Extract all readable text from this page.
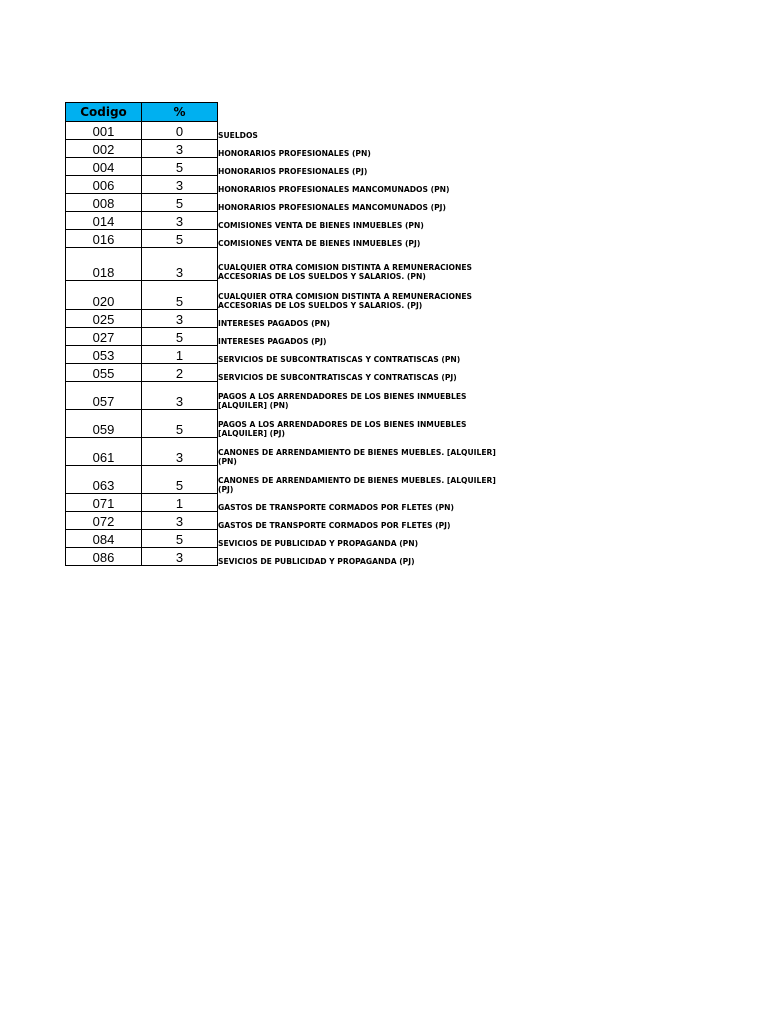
Codigo	%	
001	0	SUELDOS
002	3	HONORARIOS PROFESIONALES (PN)
004	5	HONORARIOS PROFESIONALES (PJ)
006	3	HONORARIOS PROFESIONALES MANCOMUNADOS (PN)
008	5	HONORARIOS PROFESIONALES MANCOMUNADOS (PJ)
014	3	COMISIONES VENTA DE BIENES INMUEBLES (PN)
016	5	COMISIONES VENTA DE BIENES INMUEBLES (PJ)
018	3	CUALQUIER OTRA COMISION DISTINTA A REMUNERACIONES
ACCESORIAS DE LOS SUELDOS Y SALARIOS. (PN)
020	5	CUALQUIER OTRA COMISION DISTINTA A REMUNERACIONES
ACCESORIAS DE LOS SUELDOS Y SALARIOS. (PJ)
025	3	INTERESES PAGADOS (PN)
027	5	INTERESES PAGADOS (PJ)
053	1	SERVICIOS DE SUBCONTRATISCAS Y CONTRATISCAS (PN)
055	2	SERVICIOS DE SUBCONTRATISCAS Y CONTRATISCAS (PJ)
057	3	PAGOS A LOS ARRENDADORES DE LOS BIENES INMUEBLES
[ALQUILER] (PN)
059	5	PAGOS A LOS ARRENDADORES DE LOS BIENES INMUEBLES
[ALQUILER] (PJ)
061	3	CANONES DE ARRENDAMIENTO DE BIENES MUEBLES. [ALQUILER]
(PN)
063	5	CANONES DE ARRENDAMIENTO DE BIENES MUEBLES. [ALQUILER]
(PJ)
071	1	GASTOS DE TRANSPORTE CORMADOS POR FLETES (PN)
072	3	GASTOS DE TRANSPORTE CORMADOS POR FLETES (PJ)
084	5	SEVICIOS DE PUBLICIDAD Y PROPAGANDA (PN)
086	3	SEVICIOS DE PUBLICIDAD Y PROPAGANDA (PJ)
